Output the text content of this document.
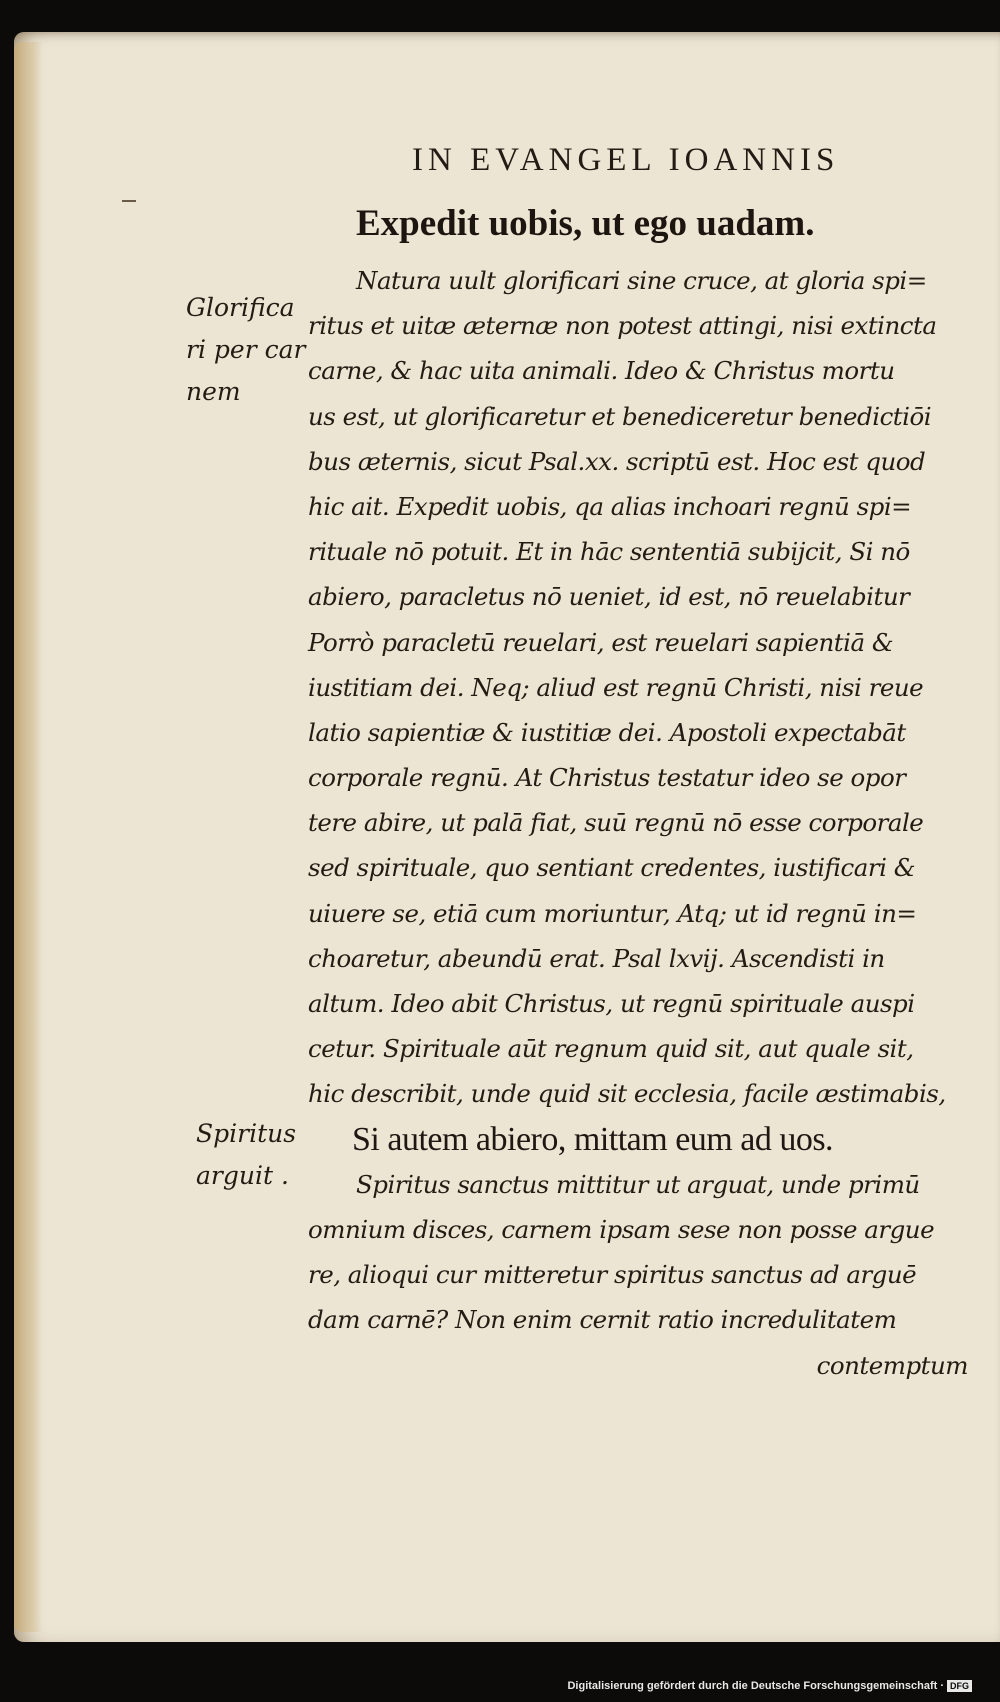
IN EVANGEL IOANNIS
Expedit uobis, ut ego uadam.
Glorifica
ri per car
nem
Spiritus
arguit .
Natura uult glorificari sine cruce, at gloria spi=
ritus et uitæ æternæ non potest attingi, nisi extincta
carne, & hac uita animali. Ideo & Christus mortu
us est, ut glorificaretur et benediceretur benedictiōi
bus æternis, sicut Psal.xx. scriptū est. Hoc est quod
hic ait. Expedit uobis, qa alias inchoari regnū spi=
rituale nō potuit. Et in hāc sententiā subijcit, Si nō
abiero, paracletus nō ueniet, id est, nō reuelabitur
Porrò paracletū reuelari, est reuelari sapientiā &
iustitiam dei. Neq; aliud est regnū Christi, nisi reue
latio sapientiæ & iustitiæ dei. Apostoli expectabāt
corporale regnū. At Christus testatur ideo se opor
tere abire, ut palā fiat, suū regnū nō esse corporale
sed spirituale, quo sentiant credentes, iustificari &
uiuere se, etiā cum moriuntur, Atq; ut id regnū in=
choaretur, abeundū erat. Psal lxvij. Ascendisti in
altum. Ideo abit Christus, ut regnū spirituale auspi
cetur. Spirituale aūt regnum quid sit, aut quale sit,
hic describit, unde quid sit ecclesia, facile æstimabis,
Si autem abiero, mittam eum ad uos.
Spiritus sanctus mittitur ut arguat, unde primū
omnium disces, carnem ipsam sese non posse argue
re, alioqui cur mitteretur spiritus sanctus ad arguē
dam carnē? Non enim cernit ratio incredulitatem
contemptum
Digitalisierung gefördert durch die Deutsche Forschungsgemeinschaft · DFG
